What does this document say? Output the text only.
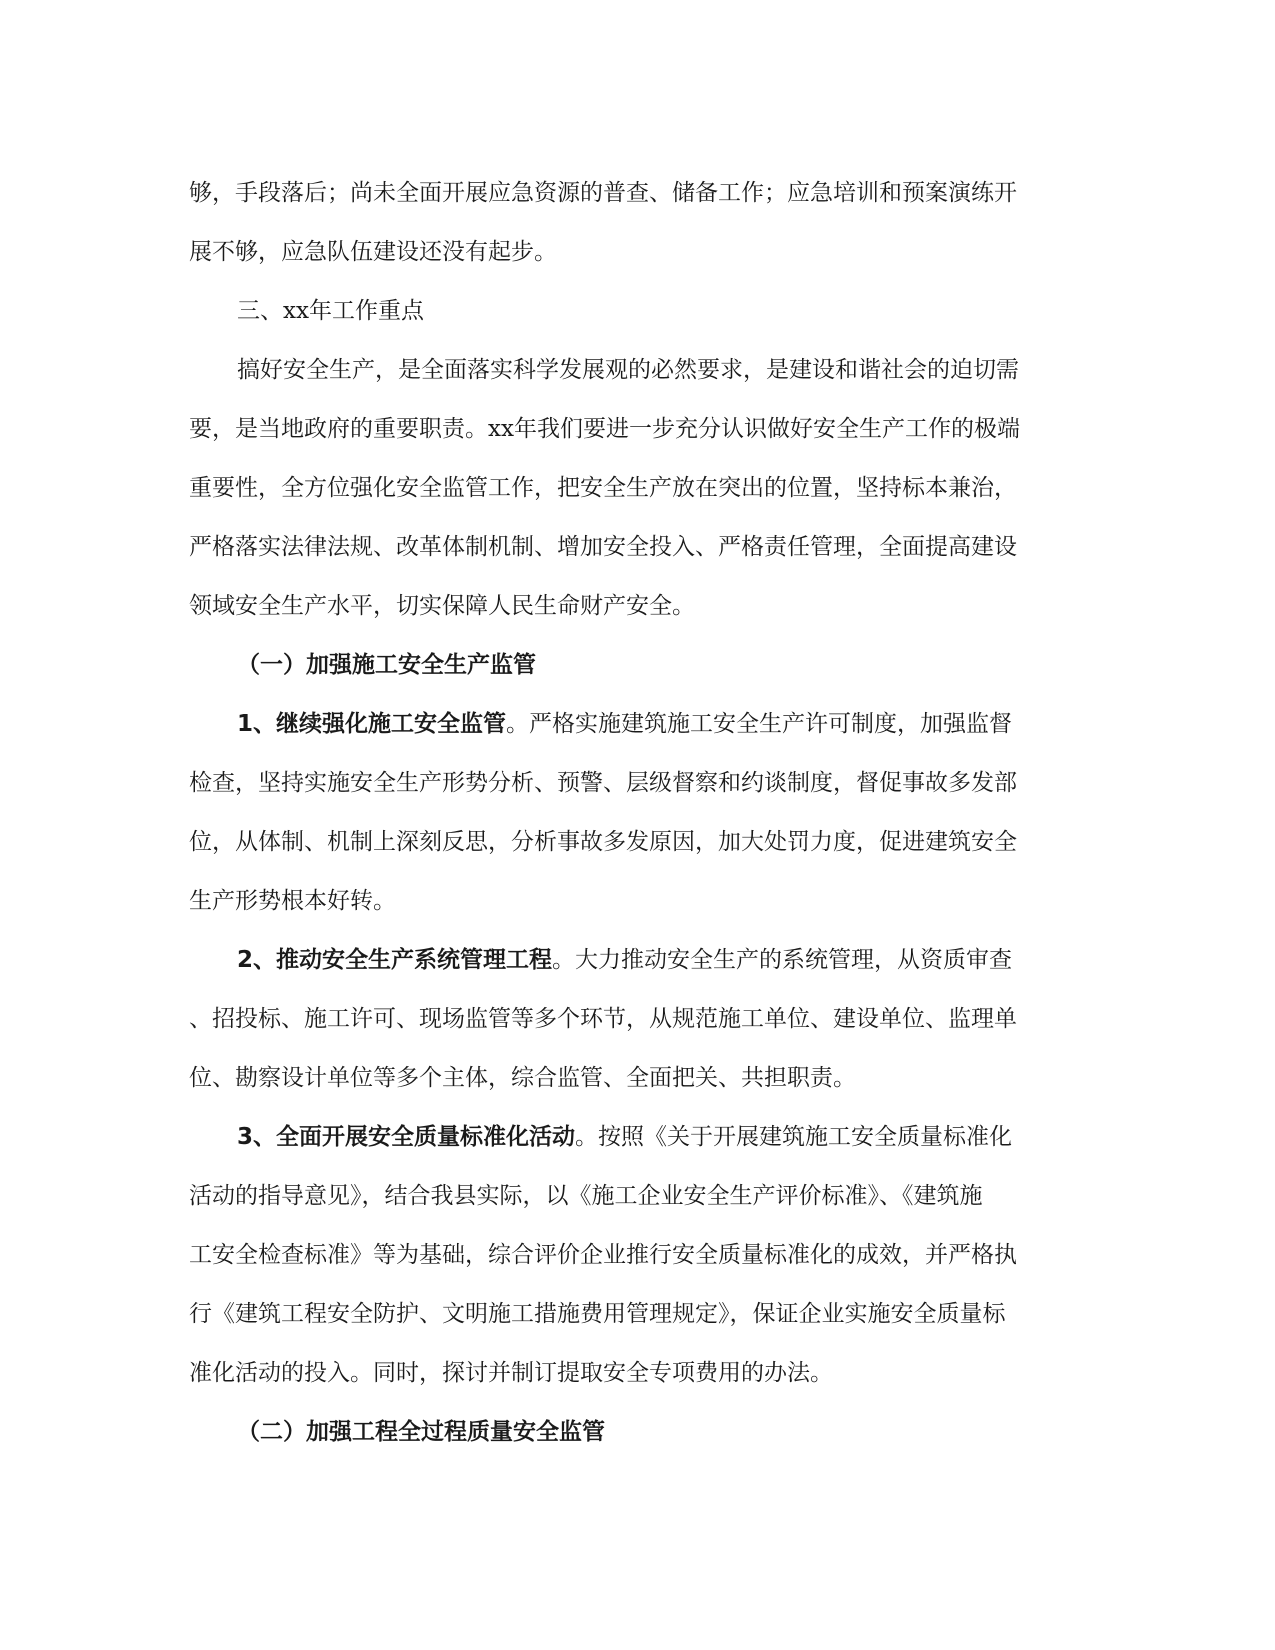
够，手段落后；尚未全面开展应急资源的普查、储备工作；应急培训和预案演练开
展不够，应急队伍建设还没有起步。
三、xx年工作重点
搞好安全生产，是全面落实科学发展观的必然要求，是建设和谐社会的迫切需
要，是当地政府的重要职责。xx年我们要进一步充分认识做好安全生产工作的极端
重要性，全方位强化安全监管工作，把安全生产放在突出的位置，坚持标本兼治，
严格落实法律法规、改革体制机制、增加安全投入、严格责任管理，全面提高建设
领域安全生产水平，切实保障人民生命财产安全。
（一）加强施工安全生产监管
1、继续强化施工安全监管。严格实施建筑施工安全生产许可制度，加强监督
检查，坚持实施安全生产形势分析、预警、层级督察和约谈制度，督促事故多发部
位，从体制、机制上深刻反思，分析事故多发原因，加大处罚力度，促进建筑安全
生产形势根本好转。
2、推动安全生产系统管理工程。大力推动安全生产的系统管理，从资质审查
、招投标、施工许可、现场监管等多个环节，从规范施工单位、建设单位、监理单
位、勘察设计单位等多个主体，综合监管、全面把关、共担职责。
3、全面开展安全质量标准化活动。按照《关于开展建筑施工安全质量标准化
活动的指导意见》，结合我县实际，以《施工企业安全生产评价标准》、《建筑施
工安全检查标准》等为基础，综合评价企业推行安全质量标准化的成效，并严格执
行《建筑工程安全防护、文明施工措施费用管理规定》，保证企业实施安全质量标
准化活动的投入。同时，探讨并制订提取安全专项费用的办法。
（二）加强工程全过程质量安全监管
